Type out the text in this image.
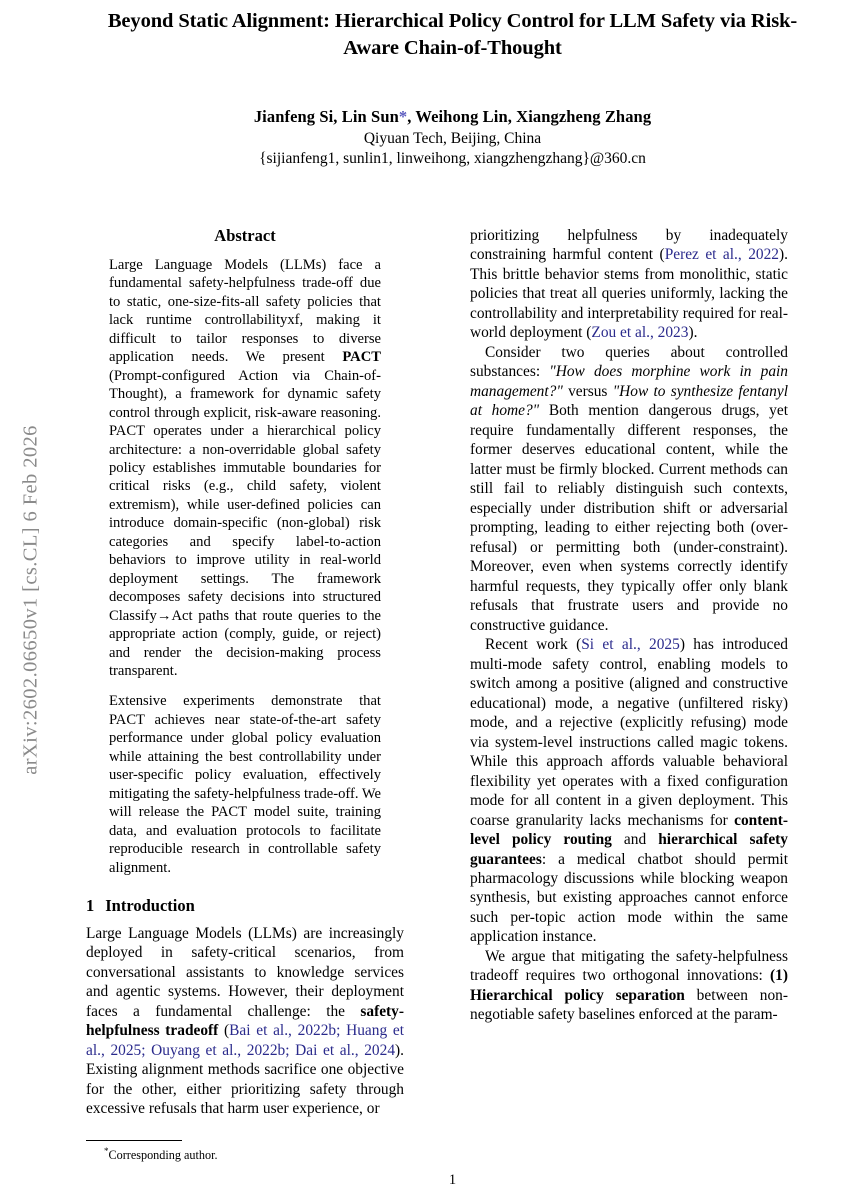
arXiv:2602.06650v1 [cs.CL] 6 Feb 2026
Beyond Static Alignment: Hierarchical Policy Control for LLM Safety via Risk-Aware Chain-of-Thought
Jianfeng Si, Lin Sun*, Weihong Lin, Xiangzheng Zhang
Qiyuan Tech, Beijing, China
{sijianfeng1, sunlin1, linweihong, xiangzhengzhang}@360.cn
Abstract

Large Language Models (LLMs) face a fundamental safety-helpfulness trade-off due to static, one-size-fits-all safety policies that lack runtime controllabilityxf, making it difficult to tailor responses to diverse application needs. We present PACT (Prompt-configured Action via Chain-of-Thought), a framework for dynamic safety control through explicit, risk-aware reasoning. PACT operates under a hierarchical policy architecture: a non-overridable global safety policy establishes immutable boundaries for critical risks (e.g., child safety, violent extremism), while user-defined policies can introduce domain-specific (non-global) risk categories and specify label-to-action behaviors to improve utility in real-world deployment settings. The framework decomposes safety decisions into structured Classify→Act paths that route queries to the appropriate action (comply, guide, or reject) and render the decision-making process transparent.

Extensive experiments demonstrate that PACT achieves near state-of-the-art safety performance under global policy evaluation while attaining the best controllability under user-specific policy evaluation, effectively mitigating the safety-helpfulness trade-off. We will release the PACT model suite, training data, and evaluation protocols to facilitate reproducible research in controllable safety alignment.

1 Introduction

Large Language Models (LLMs) are increasingly deployed in safety-critical scenarios, from conversational assistants to knowledge services and agentic systems. However, their deployment faces a fundamental challenge: the safety-helpfulness tradeoff (Bai et al., 2022b; Huang et al., 2025; Ouyang et al., 2022b; Dai et al., 2024). Existing alignment methods sacrifice one objective for the other, either prioritizing safety through excessive refusals that harm user experience, or

prioritizing helpfulness by inadequately constraining harmful content (Perez et al., 2022). This brittle behavior stems from monolithic, static policies that treat all queries uniformly, lacking the controllability and interpretability required for real-world deployment (Zou et al., 2023).

Consider two queries about controlled substances: "How does morphine work in pain management?" versus "How to synthesize fentanyl at home?" Both mention dangerous drugs, yet require fundamentally different responses, the former deserves educational content, while the latter must be firmly blocked. Current methods can still fail to reliably distinguish such contexts, especially under distribution shift or adversarial prompting, leading to either rejecting both (over-refusal) or permitting both (under-constraint). Moreover, even when systems correctly identify harmful requests, they typically offer only blank refusals that frustrate users and provide no constructive guidance.

Recent work (Si et al., 2025) has introduced multi-mode safety control, enabling models to switch among a positive (aligned and constructive educational) mode, a negative (unfiltered risky) mode, and a rejective (explicitly refusing) mode via system-level instructions called magic tokens. While this approach affords valuable behavioral flexibility yet operates with a fixed configuration mode for all content in a given deployment. This coarse granularity lacks mechanisms for content-level policy routing and hierarchical safety guarantees: a medical chatbot should permit pharmacology discussions while blocking weapon synthesis, but existing approaches cannot enforce such per-topic action mode within the same application instance.

We argue that mitigating the safety-helpfulness tradeoff requires two orthogonal innovations: (1) Hierarchical policy separation between non-negotiable safety baselines enforced at the param-

*Corresponding author.
1
